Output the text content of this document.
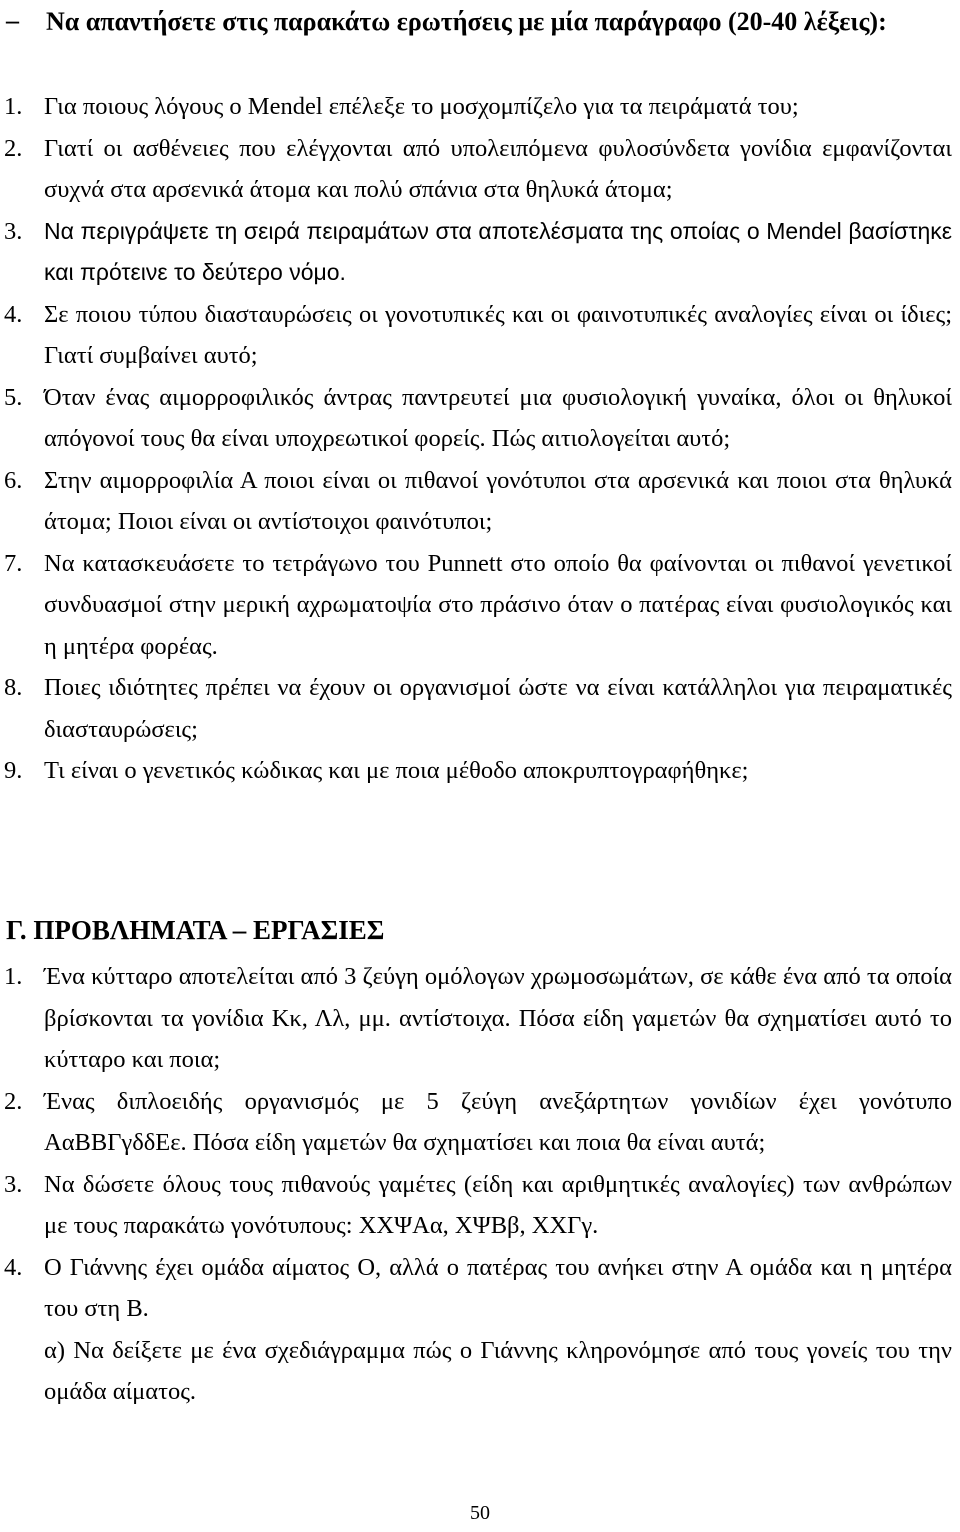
– Να απαντήσετε στις παρακάτω ερωτήσεις με μία παράγραφο (20-40 λέξεις):
1. Για ποιους λόγους ο Mendel επέλεξε το μοσχομπίζελο για τα πειράματά του;
2. Γιατί οι ασθένειες που ελέγχονται από υπολειπόμενα φυλοσύνδετα γονίδια εμφανίζονται συχνά στα αρσενικά άτομα και πολύ σπάνια στα θηλυκά άτομα;
3. Να περιγράψετε τη σειρά πειραμάτων στα αποτελέσματα της οποίας ο Mendel βασίστηκε και πρότεινε το δεύτερο νόμο.
4. Σε ποιου τύπου διασταυρώσεις οι γονοτυπικές και οι φαινοτυπικές αναλογίες είναι οι ίδιες; Γιατί συμβαίνει αυτό;
5. Όταν ένας αιμορροφιλικός άντρας παντρευτεί μια φυσιολογική γυναίκα, όλοι οι θηλυκοί απόγονοί τους θα είναι υποχρεωτικοί φορείς. Πώς αιτιολογείται αυτό;
6. Στην αιμορροφιλία Α ποιοι είναι οι πιθανοί γονότυποι στα αρσενικά και ποιοι στα θηλυκά άτομα; Ποιοι είναι οι αντίστοιχοι φαινότυποι;
7. Να κατασκευάσετε το τετράγωνο του Punnett στο οποίο θα φαίνονται οι πιθανοί γενετικοί συνδυασμοί στην μερική αχρωματοψία στο πράσινο όταν ο πατέρας είναι φυσιολογικός και η μητέρα φορέας.
8. Ποιες ιδιότητες πρέπει να έχουν οι οργανισμοί ώστε να είναι κατάλληλοι για πειραματικές διασταυρώσεις;
9. Τι είναι ο γενετικός κώδικας και με ποια μέθοδο αποκρυπτογραφήθηκε;
Γ. ΠΡΟΒΛΗΜΑΤΑ – ΕΡΓΑΣΙΕΣ
1. Ένα κύτταρο αποτελείται από 3 ζεύγη ομόλογων χρωμοσωμάτων, σε κάθε ένα από τα οποία βρίσκονται τα γονίδια Κκ, Λλ, μμ. αντίστοιχα. Πόσα είδη γαμετών θα σχηματίσει αυτό το κύτταρο και ποια;
2. Ένας διπλοειδής οργανισμός με 5 ζεύγη ανεξάρτητων γονιδίων έχει γονότυπο ΑαΒΒΓγδδΕε. Πόσα είδη γαμετών θα σχηματίσει και ποια θα είναι αυτά;
3. Να δώσετε όλους τους πιθανούς γαμέτες (είδη και αριθμητικές αναλογίες) των ανθρώπων με τους παρακάτω γονότυπους: ΧΧΨΑα, ΧΨΒβ, ΧΧΓγ.
4. Ο Γιάννης έχει ομάδα αίματος Ο, αλλά ο πατέρας του ανήκει στην Α ομάδα και η μητέρα του στη Β.
α) Να δείξετε με ένα σχεδιάγραμμα πώς ο Γιάννης κληρονόμησε από τους γονείς του την ομάδα αίματος.
50
